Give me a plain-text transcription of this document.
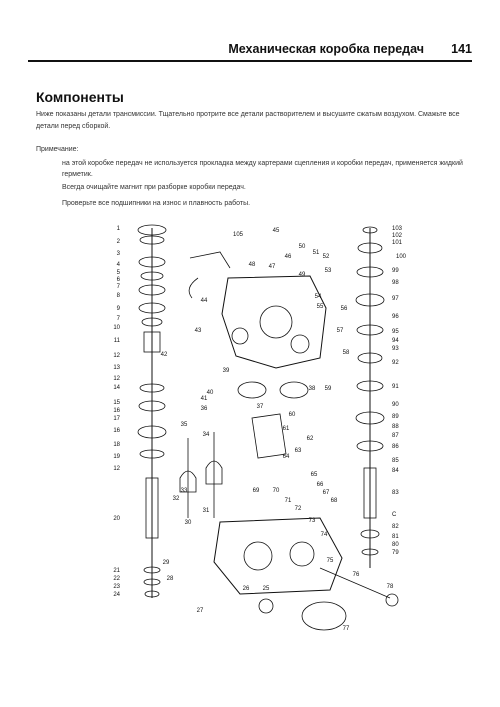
Механическая коробка передач 141
Компоненты
Ниже показаны детали трансмиссии. Тщательно протрите все детали растворителем и высушите сжатым воздухом. Смажьте все детали перед сборкой.
Примечание:
на этой коробке передач не используется прокладка между картерами сцепления и коробки передач, применяется жидкий герметик.
Всегда очищайте магнит при разборке коробки передач.
Проверьте все подшипники на износ и плавность работы.
1
2
3
4
5
6
7
8
9
7
10
11
12
13
12
14
15
16
17
16
18
19
12
20
21
22
23
24
103
102
101
100
99
98
97
96
95
94
93
92
91
90
89
88
87
86
85
84
83
C
82
81
80
79
105
45
44
43
42
41
40
39
38
37
36
35
34
33
32
31
30
29
28
27
26 25
46
47
48
49
50
51
52
53
54
55	56
57
58
59
60
61
62
63
64
65
66
67
68
69 70
71
72
73
74
75
76
77
78
